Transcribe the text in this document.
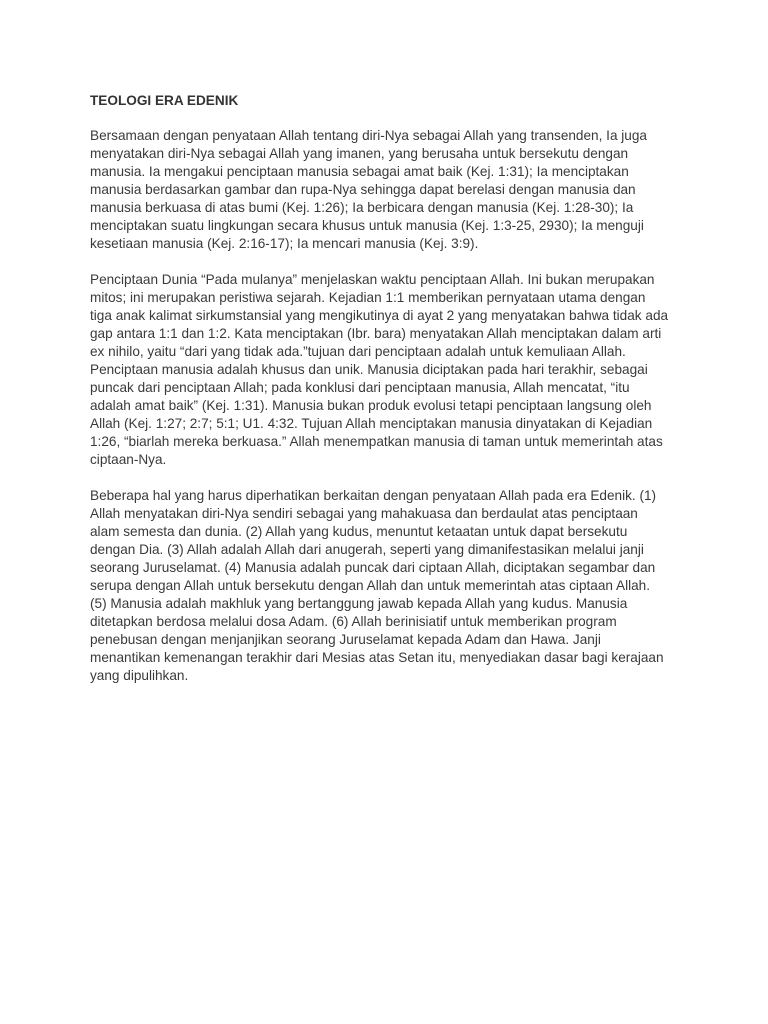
TEOLOGI ERA EDENIK

Bersamaan dengan penyataan Allah tentang diri-Nya sebagai Allah yang transenden, Ia juga
menyatakan diri-Nya sebagai Allah yang imanen, yang berusaha untuk bersekutu dengan
manusia. Ia mengakui penciptaan manusia sebagai amat baik (Kej. 1:31); Ia menciptakan
manusia berdasarkan gambar dan rupa-Nya sehingga dapat berelasi dengan manusia dan
manusia berkuasa di atas bumi (Kej. 1:26); Ia berbicara dengan manusia (Kej. 1:28-30); Ia
menciptakan suatu lingkungan secara khusus untuk manusia (Kej. 1:3-25, 2930); Ia menguji
kesetiaan manusia (Kej. 2:16-17); Ia mencari manusia (Kej. 3:9).

Penciptaan Dunia “Pada mulanya” menjelaskan waktu penciptaan Allah. Ini bukan merupakan
mitos; ini merupakan peristiwa sejarah. Kejadian 1:1 memberikan pernyataan utama dengan
tiga anak kalimat sirkumstansial yang mengikutinya di ayat 2 yang menyatakan bahwa tidak ada
gap antara 1:1 dan 1:2. Kata menciptakan (Ibr. bara) menyatakan Allah menciptakan dalam arti
ex nihilo, yaitu “dari yang tidak ada.”tujuan dari penciptaan adalah untuk kemuliaan Allah.
Penciptaan manusia adalah khusus dan unik. Manusia diciptakan pada hari terakhir, sebagai
puncak dari penciptaan Allah; pada konklusi dari penciptaan manusia, Allah mencatat, “itu
adalah amat baik” (Kej. 1:31). Manusia bukan produk evolusi tetapi penciptaan langsung oleh
Allah (Kej. 1:27; 2:7; 5:1; U1. 4:32. Tujuan Allah menciptakan manusia dinyatakan di Kejadian
1:26, “biarlah mereka berkuasa.” Allah menempatkan manusia di taman untuk memerintah atas
ciptaan-Nya.

Beberapa hal yang harus diperhatikan berkaitan dengan penyataan Allah pada era Edenik. (1)
Allah menyatakan diri-Nya sendiri sebagai yang mahakuasa dan berdaulat atas penciptaan
alam semesta dan dunia. (2) Allah yang kudus, menuntut ketaatan untuk dapat bersekutu
dengan Dia. (3) Allah adalah Allah dari anugerah, seperti yang dimanifestasikan melalui janji
seorang Juruselamat. (4) Manusia adalah puncak dari ciptaan Allah, diciptakan segambar dan
serupa dengan Allah untuk bersekutu dengan Allah dan untuk memerintah atas ciptaan Allah.
(5) Manusia adalah makhluk yang bertanggung jawab kepada Allah yang kudus. Manusia
ditetapkan berdosa melalui dosa Adam. (6) Allah berinisiatif untuk memberikan program
penebusan dengan menjanjikan seorang Juruselamat kepada Adam dan Hawa. Janji
menantikan kemenangan terakhir dari Mesias atas Setan itu, menyediakan dasar bagi kerajaan
yang dipulihkan.
